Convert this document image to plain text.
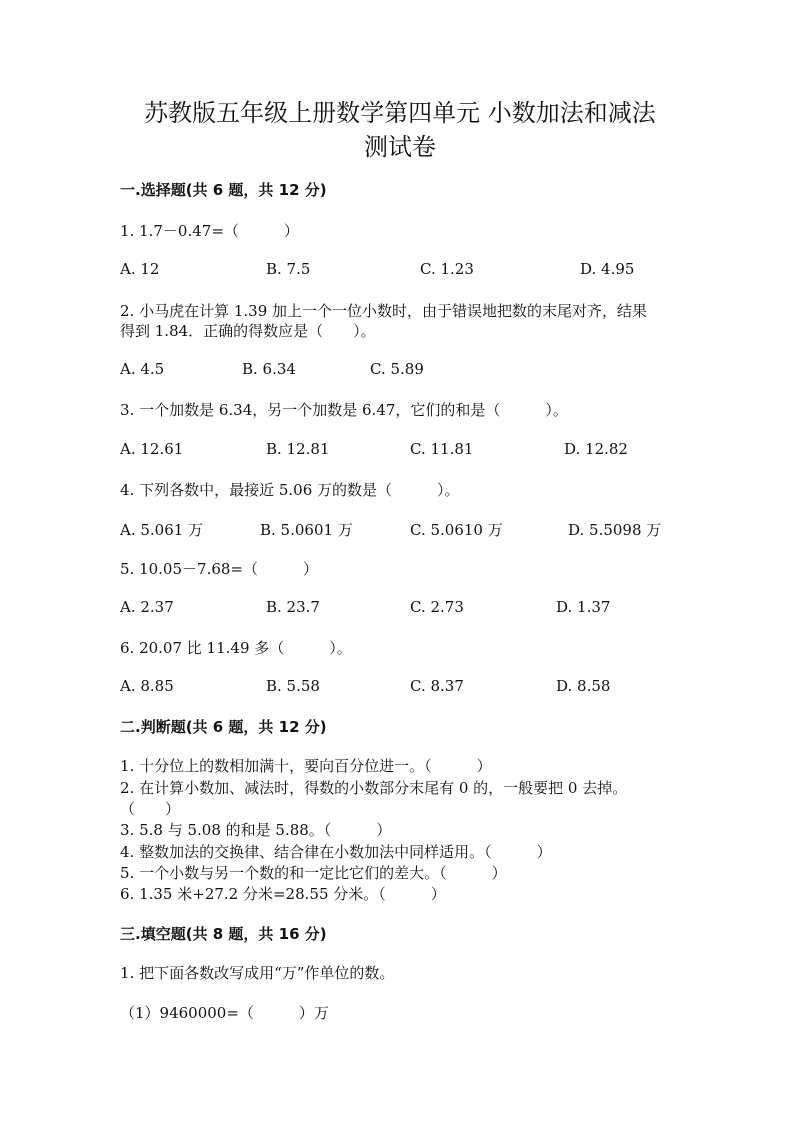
苏教版五年级上册数学第四单元 小数加法和减法
测试卷
一.选择题(共 6 题，共 12 分)
1. 1.7－0.47=（　　　）
A. 12	B. 7.5	C. 1.23	D. 4.95
2. 小马虎在计算 1.39 加上一个一位小数时，由于错误地把数的末尾对齐，结果
得到 1.84．正确的得数应是（　　）。
A. 4.5	B. 6.34	C. 5.89
3. 一个加数是 6.34，另一个加数是 6.47，它们的和是（　　　）。
A. 12.61	B. 12.81	C. 11.81	D. 12.82
4. 下列各数中，最接近 5.06 万的数是（　　　）。
A. 5.061 万	B. 5.0601 万	C. 5.0610 万	D. 5.5098 万
5. 10.05－7.68=（　　　）
A. 2.37	B. 23.7	C. 2.73	D. 1.37
6. 20.07 比 11.49 多（　　　）。
A. 8.85	B. 5.58	C. 8.37	D. 8.58
二.判断题(共 6 题，共 12 分)
1. 十分位上的数相加满十，要向百分位进一。（　　　）
2. 在计算小数加、减法时，得数的小数部分末尾有 0 的，一般要把 0 去掉。
（　　）
3. 5.8 与 5.08 的和是 5.88。（　　　）
4. 整数加法的交换律、结合律在小数加法中同样适用。（　　　）
5. 一个小数与另一个数的和一定比它们的差大。（　　　）
6. 1.35 米+27.2 分米=28.55 分米。（　　　）
三.填空题(共 8 题，共 16 分)
1. 把下面各数改写成用“万”作单位的数。
（1）9460000=（　　　）万
